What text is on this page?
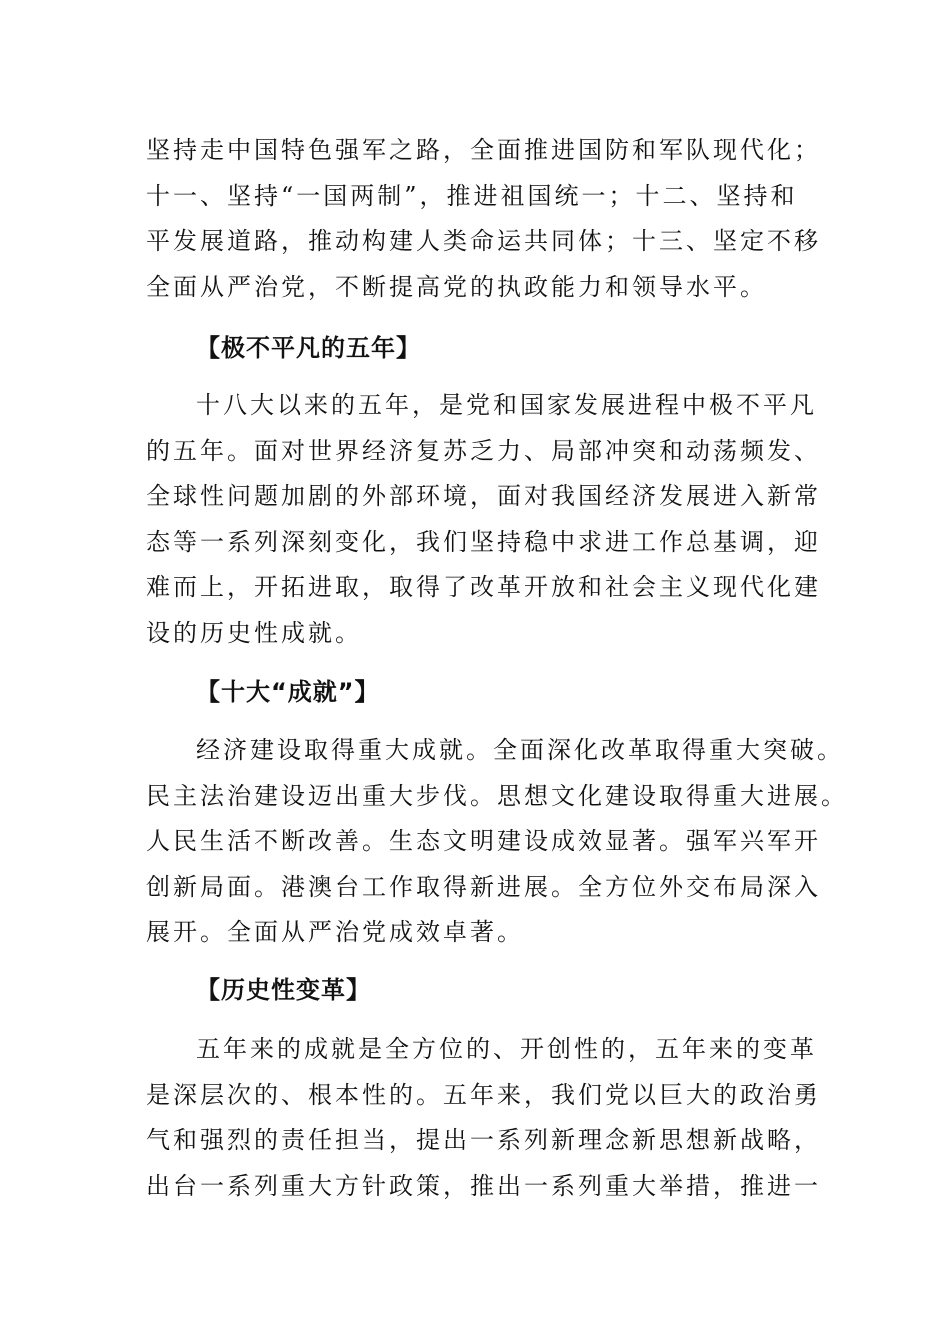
坚持走中国特色强军之路，全面推进国防和军队现代化；
十一、坚持“一国两制”，推进祖国统一；十二、坚持和
平发展道路，推动构建人类命运共同体；十三、坚定不移
全面从严治党，不断提高党的执政能力和领导水平。
【极不平凡的五年】
十八大以来的五年，是党和国家发展进程中极不平凡
的五年。面对世界经济复苏乏力、局部冲突和动荡频发、
全球性问题加剧的外部环境，面对我国经济发展进入新常
态等一系列深刻变化，我们坚持稳中求进工作总基调，迎
难而上，开拓进取，取得了改革开放和社会主义现代化建
设的历史性成就。
【十大“成就”】
经济建设取得重大成就。全面深化改革取得重大突破。
民主法治建设迈出重大步伐。思想文化建设取得重大进展。
人民生活不断改善。生态文明建设成效显著。强军兴军开
创新局面。港澳台工作取得新进展。全方位外交布局深入
展开。全面从严治党成效卓著。
【历史性变革】
五年来的成就是全方位的、开创性的，五年来的变革
是深层次的、根本性的。五年来，我们党以巨大的政治勇
气和强烈的责任担当，提出一系列新理念新思想新战略，
出台一系列重大方针政策，推出一系列重大举措，推进一
